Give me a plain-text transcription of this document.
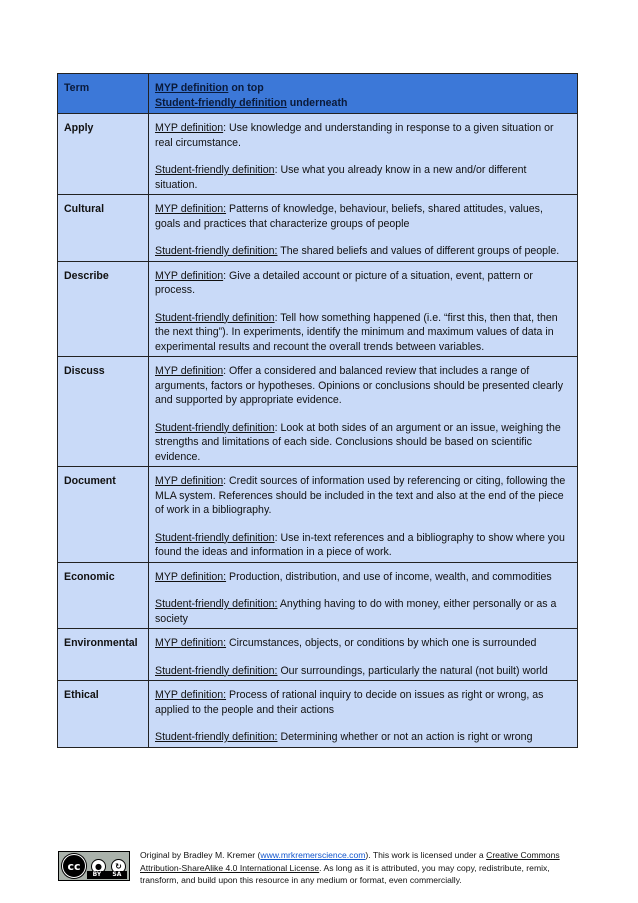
Term	MYP definition on top
Student-friendly definition underneath
Apply	MYP definition: Use knowledge and understanding in response to a given situation or real circumstance.

Student-friendly definition: Use what you already know in a new and/or different situation.

Cultural	MYP definition: Patterns of knowledge, behaviour, beliefs, shared attitudes, values, goals and practices that characterize groups of people

Student-friendly definition: The shared beliefs and values of different groups of people.

Describe	MYP definition: Give a detailed account or picture of a situation, event, pattern or process.

Student-friendly definition: Tell how something happened (i.e. “first this, then that, then the next thing”). In experiments, identify the minimum and maximum values of data in experimental results and recount the overall trends between variables.

Discuss	MYP definition: Offer a considered and balanced review that includes a range of arguments, factors or hypotheses. Opinions or conclusions should be presented clearly and supported by appropriate evidence.

Student-friendly definition: Look at both sides of an argument or an issue, weighing the strengths and limitations of each side. Conclusions should be based on scientific evidence.

Document	MYP definition: Credit sources of information used by referencing or citing, following the MLA system. References should be included in the text and also at the end of the piece of work in a bibliography.

Student-friendly definition: Use in-text references and a bibliography to show where you found the ideas and information in a piece of work.

Economic	MYP definition: Production, distribution, and use of income, wealth, and commodities

Student-friendly definition: Anything having to do with money, either personally or as a society

Environmental	MYP definition: Circumstances, objects, or conditions by which one is surrounded

Student-friendly definition: Our surroundings, particularly the natural (not built) world

Ethical	MYP definition: Process of rational inquiry to decide on issues as right or wrong, as applied to the people and their actions

Student-friendly definition: Determining whether or not an action is right or wrong

cc	●	↻
BY SA
Original by Bradley M. Kremer (www.mrkremerscience.com). This work is licensed under a Creative Commons Attribution-ShareAlike 4.0 International License. As long as it is attributed, you may copy, redistribute, remix, transform, and build upon this resource in any medium or format, even commercially.
